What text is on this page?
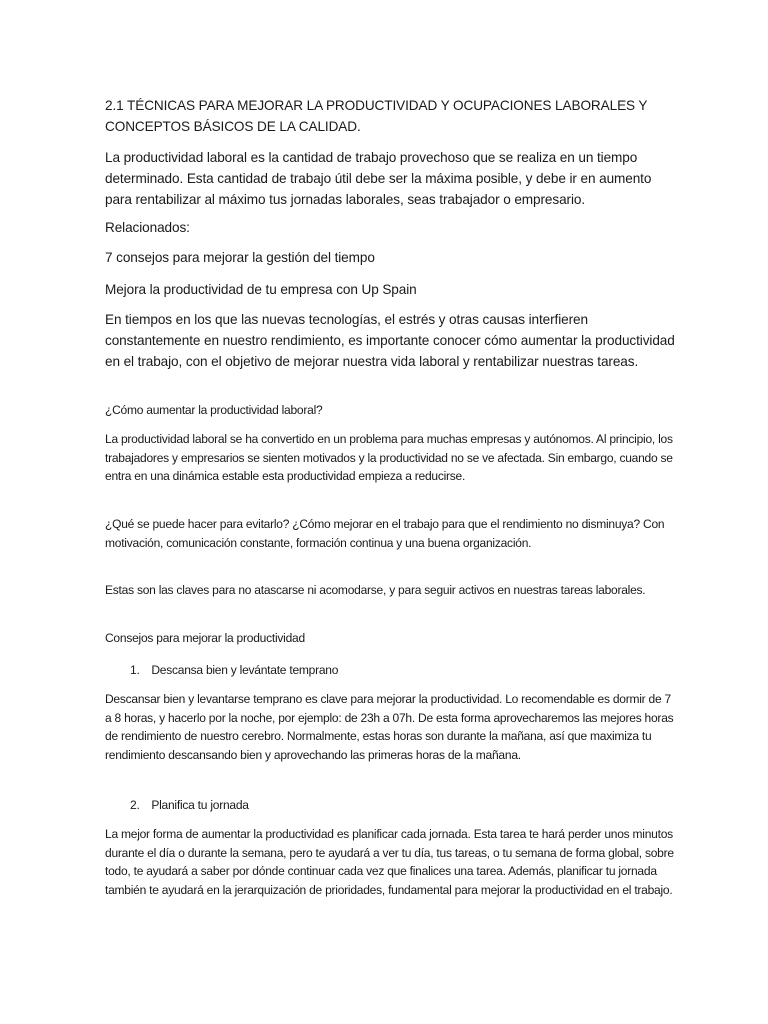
2.1 TÉCNICAS PARA MEJORAR LA PRODUCTIVIDAD Y OCUPACIONES LABORALES Y
CONCEPTOS BÁSICOS DE LA CALIDAD.

La productividad laboral es la cantidad de trabajo provechoso que se realiza en un tiempo determinado. Esta cantidad de trabajo útil debe ser la máxima posible, y debe ir en aumento para rentabilizar al máximo tus jornadas laborales, seas trabajador o empresario.

Relacionados:

7 consejos para mejorar la gestión del tiempo

Mejora la productividad de tu empresa con Up Spain

En tiempos en los que las nuevas tecnologías, el estrés y otras causas interfieren constantemente en nuestro rendimiento, es importante conocer cómo aumentar la productividad en el trabajo, con el objetivo de mejorar nuestra vida laboral y rentabilizar nuestras tareas.

¿Cómo aumentar la productividad laboral?

La productividad laboral se ha convertido en un problema para muchas empresas y autónomos. Al principio, los trabajadores y empresarios se sienten motivados y la productividad no se ve afectada. Sin embargo, cuando se entra en una dinámica estable esta productividad empieza a reducirse.

¿Qué se puede hacer para evitarlo? ¿Cómo mejorar en el trabajo para que el rendimiento no disminuya? Con motivación, comunicación constante, formación continua y una buena organización.

Estas son las claves para no atascarse ni acomodarse, y para seguir activos en nuestras tareas laborales.

Consejos para mejorar la productividad

1. Descansa bien y levántate temprano

Descansar bien y levantarse temprano es clave para mejorar la productividad. Lo recomendable es dormir de 7 a 8 horas, y hacerlo por la noche, por ejemplo: de 23h a 07h. De esta forma aprovecharemos las mejores horas de rendimiento de nuestro cerebro. Normalmente, estas horas son durante la mañana, así que maximiza tu rendimiento descansando bien y aprovechando las primeras horas de la mañana.

2. Planifica tu jornada

La mejor forma de aumentar la productividad es planificar cada jornada. Esta tarea te hará perder unos minutos durante el día o durante la semana, pero te ayudará a ver tu día, tus tareas, o tu semana de forma global, sobre todo, te ayudará a saber por dónde continuar cada vez que finalices una tarea. Además, planificar tu jornada también te ayudará en la jerarquización de prioridades, fundamental para mejorar la productividad en el trabajo.
